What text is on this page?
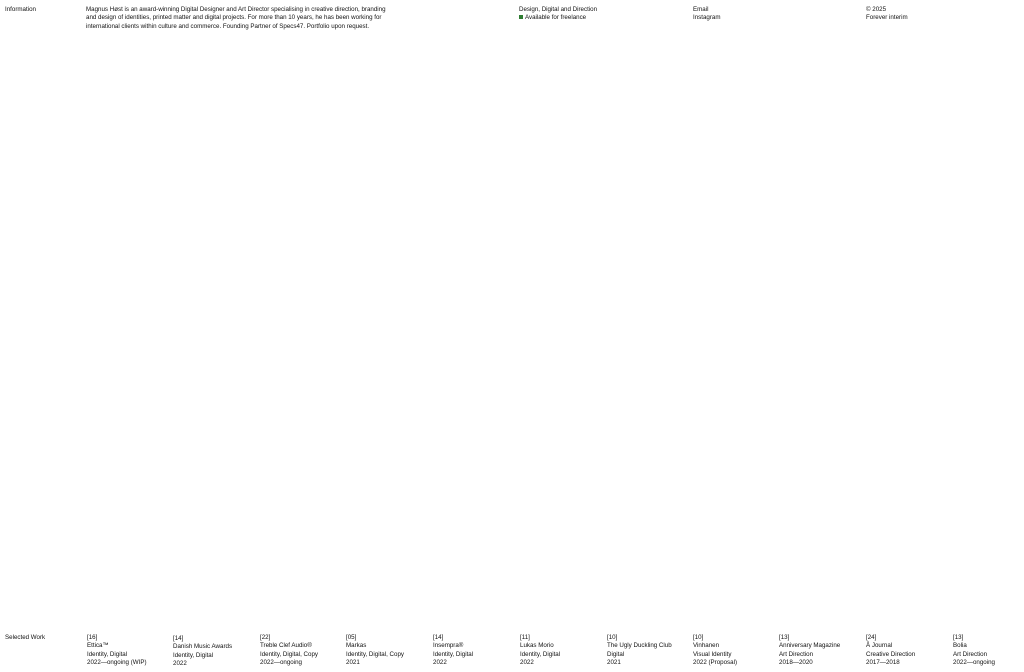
Information	Magnus Høst is an award-winning Digital Designer and Art Director specialising in creative direction, branding
and design of identities, printed matter and digital projects. For more than 10 years, he has been working for
international clients within culture and commerce. Founding Partner of Specs47. Portfolio upon request.
Design, Digital and Direction
Available for freelance
Email
Instagram
© 2025
Forever interim
Selected Work	[16]
Ettica™
Identity, Digital
2022—ongoing (WIP)
[14]
Danish Music Awards
Identity, Digital
2022
[22]
Treble Clef Audio®
Identity, Digital, Copy
2022—ongoing
[05]
Markas
Identity, Digital, Copy
2021
[14]
Insempra®
Identity, Digital
2022
[11]
Lukas Morio
Identity, Digital
2022
[10]
The Ugly Duckling Club
Digital
2021
[10]
Vinhanen
Visual Identity
2022 (Proposal)
[13]
Anniversary Magazine
Art Direction
2018—2020
[24]
Å Journal
Creative Direction
2017—2018
[13]
Bolia
Art Direction
2022—ongoing
